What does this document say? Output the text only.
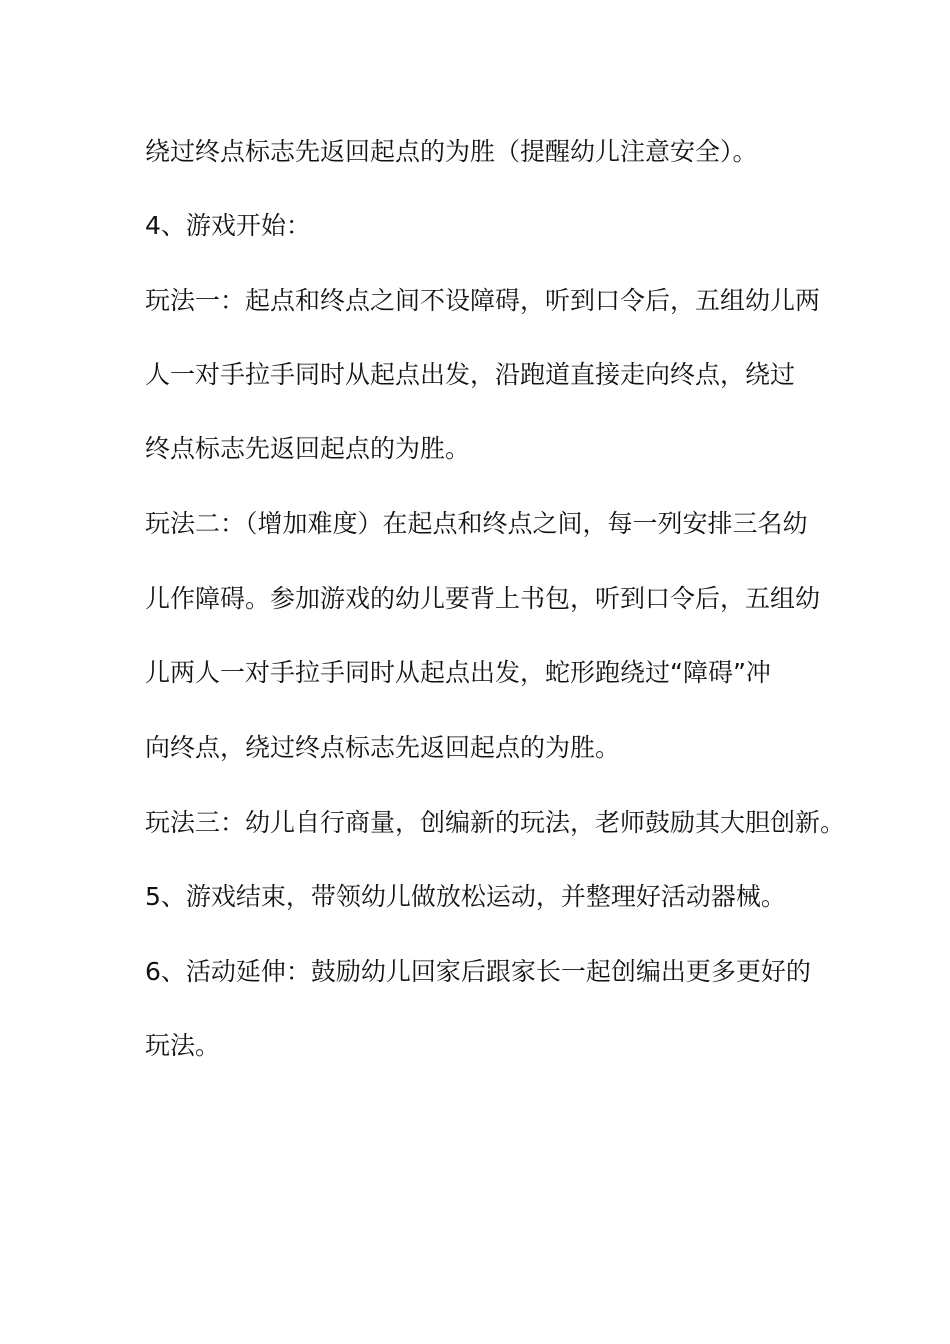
绕过终点标志先返回起点的为胜（提醒幼儿注意安全）。
4、游戏开始：
玩法一：起点和终点之间不设障碍，听到口令后，五组幼儿两
人一对手拉手同时从起点出发，沿跑道直接走向终点，绕过
终点标志先返回起点的为胜。
玩法二：（增加难度）在起点和终点之间，每一列安排三名幼
儿作障碍。参加游戏的幼儿要背上书包，听到口令后，五组幼
儿两人一对手拉手同时从起点出发，蛇形跑绕过“障碍”冲
向终点，绕过终点标志先返回起点的为胜。
玩法三：幼儿自行商量，创编新的玩法，老师鼓励其大胆创新。
5、游戏结束，带领幼儿做放松运动，并整理好活动器械。
6、活动延伸：鼓励幼儿回家后跟家长一起创编出更多更好的
玩法。
